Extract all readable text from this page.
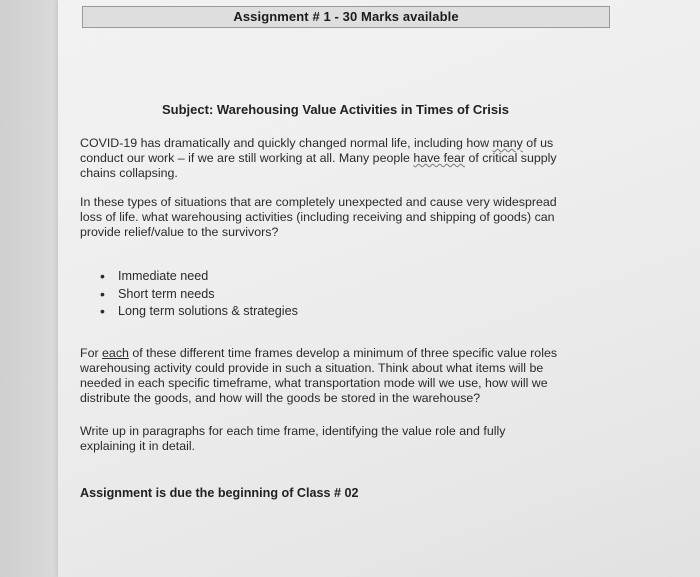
Assignment # 1 - 30 Marks available
Subject: Warehousing Value Activities in Times of Crisis
COVID-19 has dramatically and quickly changed normal life, including how many of us
conduct our work – if we are still working at all. Many people have fear of critical supply
chains collapsing.
In these types of situations that are completely unexpected and cause very widespread
loss of life. what warehousing activities (including receiving and shipping of goods) can
provide relief/value to the survivors?
• Immediate need
• Short term needs
• Long term solutions & strategies
For each of these different time frames develop a minimum of three specific value roles
warehousing activity could provide in such a situation. Think about what items will be
needed in each specific timeframe, what transportation mode will we use, how will we
distribute the goods, and how will the goods be stored in the warehouse?
Write up in paragraphs for each time frame, identifying the value role and fully
explaining it in detail.
Assignment is due the beginning of Class # 02
